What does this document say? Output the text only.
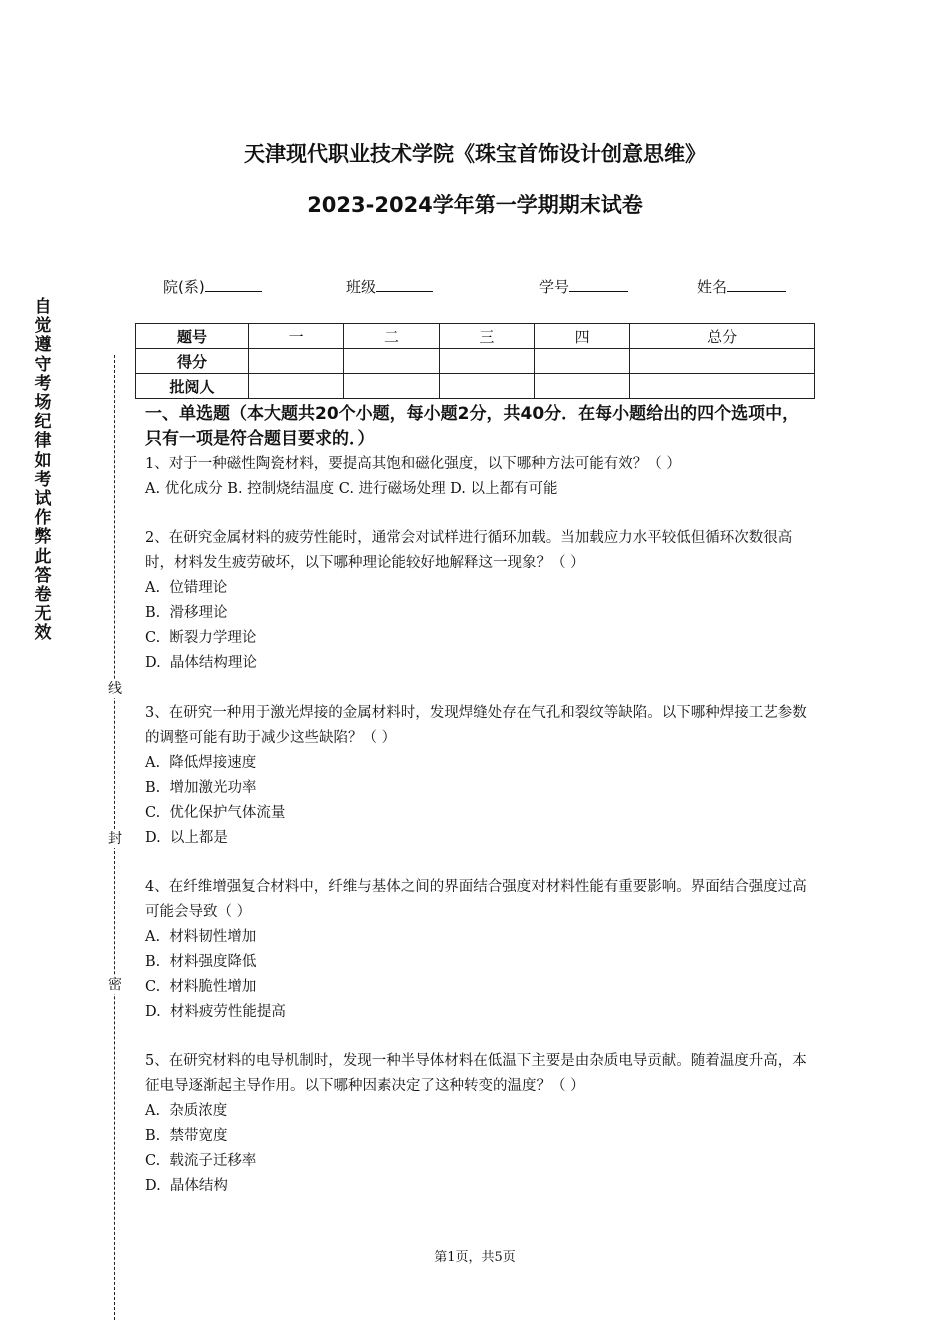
天津现代职业技术学院《珠宝首饰设计创意思维》
2023-2024学年第一学期期末试卷
自觉遵守考场纪律如考试作弊此答卷无效
线
封
密
院(系)	班级	学号	姓名
题号	一	二	三	四	总分
得分					
批阅人					
一、单选题（本大题共20个小题，每小题2分，共40分．在每小题给出的四个选项中，只有一项是符合题目要求的．）

1、对于一种磁性陶瓷材料，要提高其饱和磁化强度，以下哪种方法可能有效？（ ）

A. 优化成分 B. 控制烧结温度 C. 进行磁场处理 D. 以上都有可能

2、在研究金属材料的疲劳性能时，通常会对试样进行循环加载。当加载应力水平较低但循环次数很高时，材料发生疲劳破坏，以下哪种理论能较好地解释这一现象？（ ）

A.  位错理论

B.  滑移理论

C.  断裂力学理论

D.  晶体结构理论

3、在研究一种用于激光焊接的金属材料时，发现焊缝处存在气孔和裂纹等缺陷。以下哪种焊接工艺参数的调整可能有助于减少这些缺陷？（ ）

A.  降低焊接速度

B.  增加激光功率

C.  优化保护气体流量

D.  以上都是

4、在纤维增强复合材料中，纤维与基体之间的界面结合强度对材料性能有重要影响。界面结合强度过高可能会导致（ ）

A.  材料韧性增加

B.  材料强度降低

C.  材料脆性增加

D.  材料疲劳性能提高

5、在研究材料的电导机制时，发现一种半导体材料在低温下主要是由杂质电导贡献。随着温度升高，本征电导逐渐起主导作用。以下哪种因素决定了这种转变的温度？（ ）

A.  杂质浓度

B.  禁带宽度

C.  载流子迁移率

D.  晶体结构

第1页，共5页
